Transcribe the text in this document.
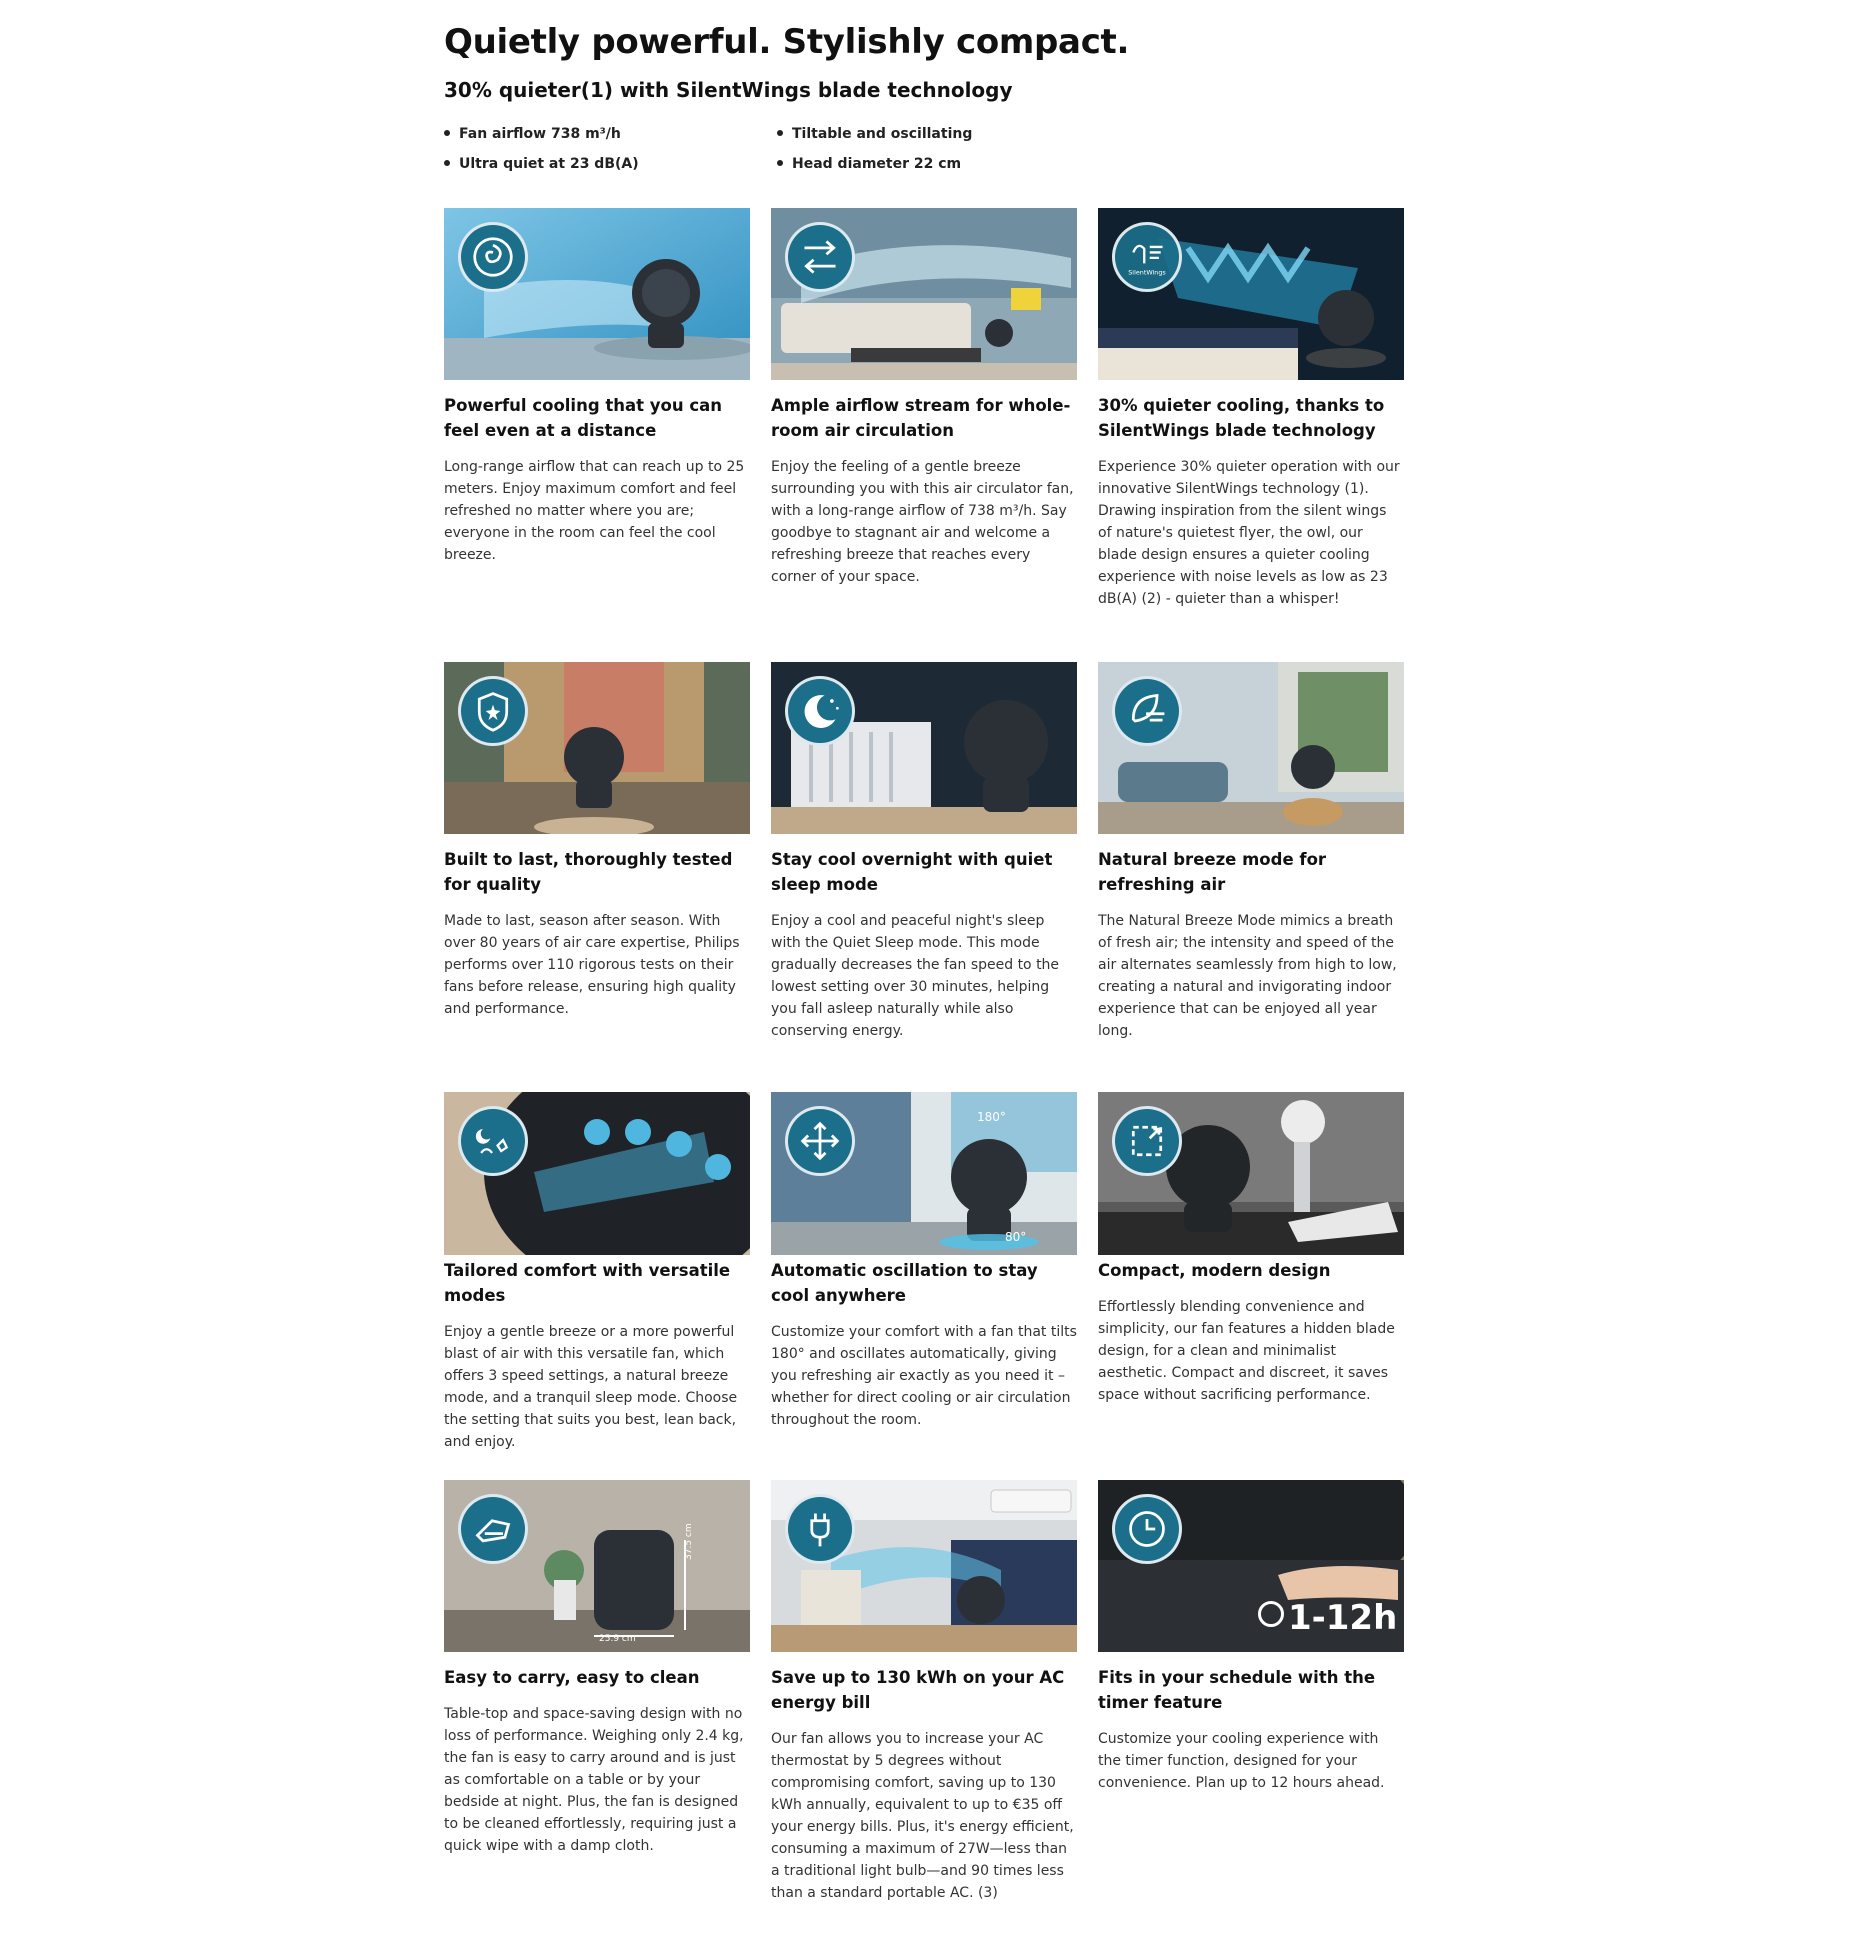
Quietly powerful. Stylishly compact.
30% quieter(1) with SilentWings blade technology
Fan airflow 738 m³/h	Tiltable and oscillating
Ultra quiet at 23 dB(A)	Head diameter 22 cm
Powerful cooling that you can feel even at a distance

Long-range airflow that can reach up to 25 meters. Enjoy maximum comfort and feel refreshed no matter where you are; everyone in the room can feel the cool breeze.

Ample airflow stream for whole-room air circulation

Enjoy the feeling of a gentle breeze surrounding you with this air circulator fan, with a long-range airflow of 738 m³/h. Say goodbye to stagnant air and welcome a refreshing breeze that reaches every corner of your space.

SilentWings
30% quieter cooling, thanks to SilentWings blade technology

Experience 30% quieter operation with our innovative SilentWings technology (1). Drawing inspiration from the silent wings of nature's quietest flyer, the owl, our blade design ensures a quieter cooling experience with noise levels as low as 23 dB(A) (2) - quieter than a whisper!

Built to last, thoroughly tested for quality

Made to last, season after season. With over 80 years of air care expertise, Philips performs over 110 rigorous tests on their fans before release, ensuring high quality and performance.

Stay cool overnight with quiet sleep mode

Enjoy a cool and peaceful night's sleep with the Quiet Sleep mode. This mode gradually decreases the fan speed to the lowest setting over 30 minutes, helping you fall asleep naturally while also conserving energy.

Natural breeze mode for refreshing air

The Natural Breeze Mode mimics a breath of fresh air; the intensity and speed of the air alternates seamlessly from high to low, creating a natural and invigorating indoor experience that can be enjoyed all year long.

Tailored comfort with versatile modes

Enjoy a gentle breeze or a more powerful blast of air with this versatile fan, which offers 3 speed settings, a natural breeze mode, and a tranquil sleep mode. Choose the setting that suits you best, lean back, and enjoy.

180°
80°
Automatic oscillation to stay cool anywhere

Customize your comfort with a fan that tilts 180° and oscillates automatically, giving you refreshing air exactly as you need it – whether for direct cooling or air circulation throughout the room.

Compact, modern design

Effortlessly blending convenience and simplicity, our fan features a hidden blade design, for a clean and minimalist aesthetic. Compact and discreet, it saves space without sacrificing performance.

37.5 cm
25.9 cm
Easy to carry, easy to clean

Table-top and space-saving design with no loss of performance. Weighing only 2.4 kg, the fan is easy to carry around and is just as comfortable on a table or by your bedside at night. Plus, the fan is designed to be cleaned effortlessly, requiring just a quick wipe with a damp cloth.

Save up to 130 kWh on your AC energy bill

Our fan allows you to increase your AC thermostat by 5 degrees without compromising comfort, saving up to 130 kWh annually, equivalent to up to €35 off your energy bills. Plus, it's energy efficient, consuming a maximum of 27W—less than a traditional light bulb—and 90 times less than a standard portable AC. (3)

1-12h
Fits in your schedule with the timer feature

Customize your cooling experience with the timer function, designed for your convenience. Plan up to 12 hours ahead.
